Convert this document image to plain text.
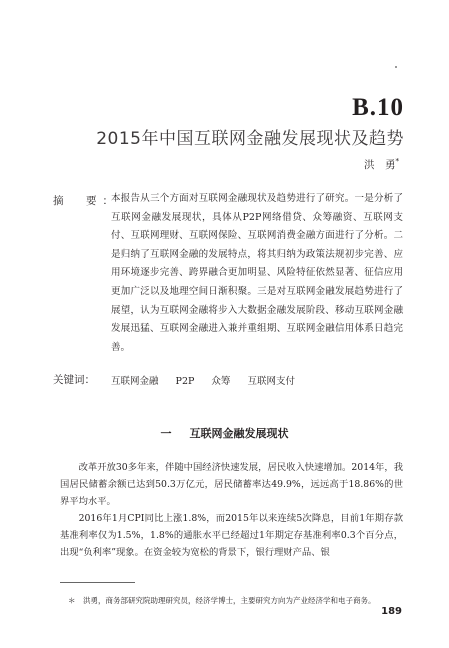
B.10
2015年中国互联网金融发展现状及趋势
洪　勇*
摘　要：
本报告从三个方面对互联网金融现状及趋势进行了研究。一是分析了互联网金融发展现状，具体从P2P网络借贷、众筹融资、互联网支付、互联网理财、互联网保险、互联网消费金融方面进行了分析。二是归纳了互联网金融的发展特点，将其归纳为政策法规初步完善、应用环境逐步完善、跨界融合更加明显、风险特征依然显著、征信应用更加广泛以及地理空间日渐积聚。三是对互联网金融发展趋势进行了展望，认为互联网金融将步入大数据金融发展阶段、移动互联网金融发展迅猛、互联网金融进入兼并重组期、互联网金融信用体系日趋完善。
关键词： 互联网金融 P2P 众筹 互联网支付
一 互联网金融发展现状

改革开放30多年来，伴随中国经济快速发展，居民收入快速增加。2014年，我国居民储蓄余额已达到50.3万亿元，居民储蓄率达49.9%，远远高于18.86%的世界平均水平。

2016年1月CPI同比上涨1.8%，而2015年以来连续5次降息，目前1年期存款基准利率仅为1.5%，1.8%的通胀水平已经超过1年期定存基准利率0.3个百分点，出现“负利率”现象。在资金较为宽松的背景下，银行理财产品、银

＊　洪勇，商务部研究院助理研究员，经济学博士，主要研究方向为产业经济学和电子商务。
189
